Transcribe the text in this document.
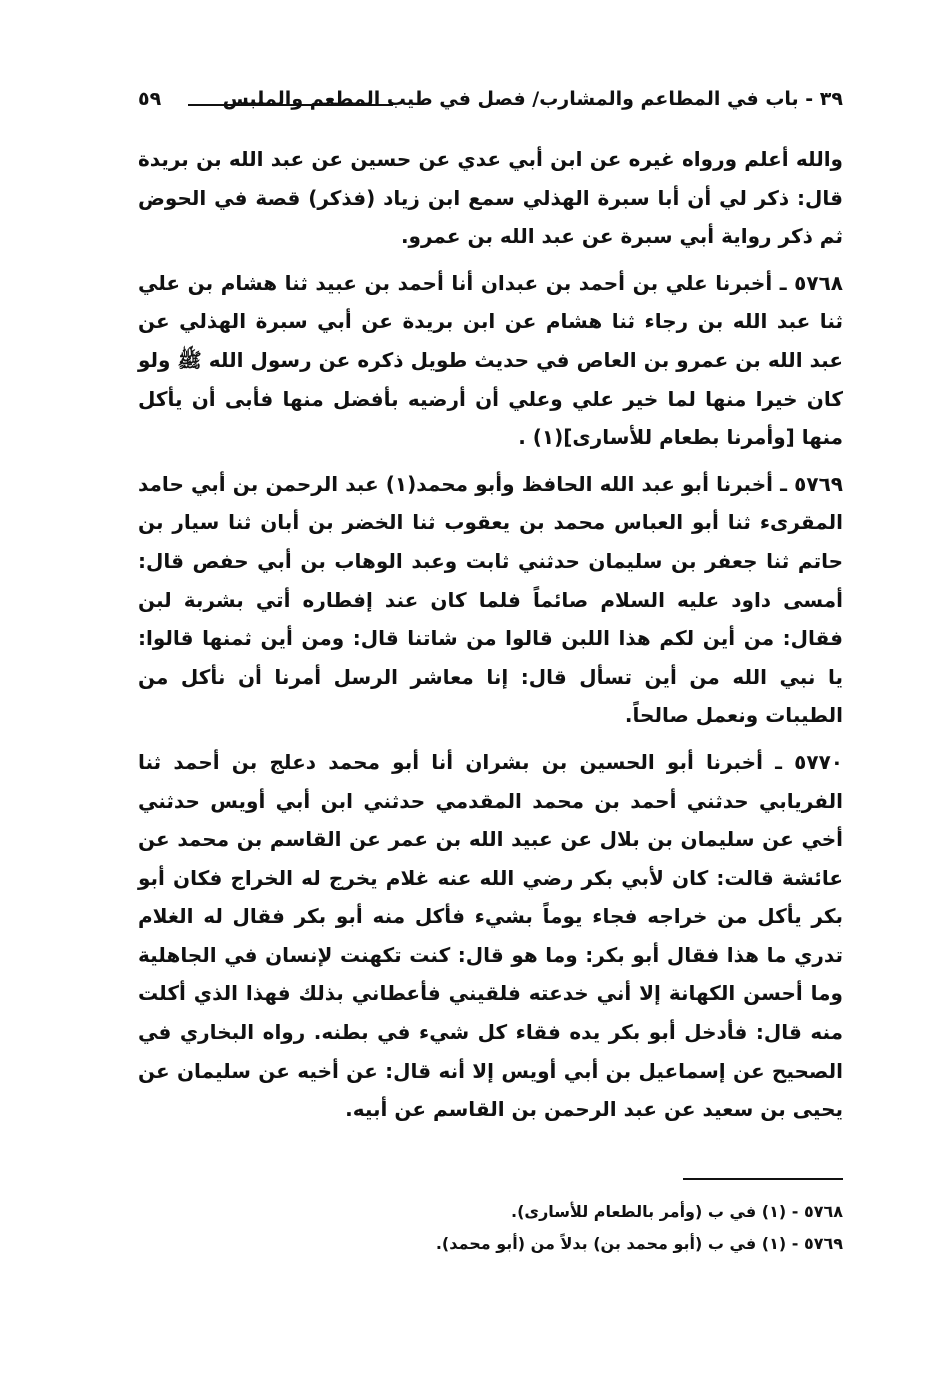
٣٩ - باب في المطاعم والمشارب/ فصل في طيب المطعم والملبس
٥٩

والله أعلم ورواه غيره عن ابن أبي عدي عن حسين عن عبد الله بن بريدة قال: ذكر لي أن أبا سبرة الهذلي سمع ابن زياد (فذكر) قصة في الحوض ثم ذكر رواية أبي سبرة عن عبد الله بن عمرو.

٥٧٦٨ ـ أخبرنا علي بن أحمد بن عبدان أنا أحمد بن عبيد ثنا هشام بن علي ثنا عبد الله بن رجاء ثنا هشام عن ابن بريدة عن أبي سبرة الهذلي عن عبد الله بن عمرو بن العاص في حديث طويل ذكره عن رسول الله ﷺ ولو كان خيرا منها لما خير علي وعلي أن أرضيه بأفضل منها فأبى أن يأكل منها [وأمرنا بطعام للأسارى](١) .

٥٧٦٩ ـ أخبرنا أبو عبد الله الحافظ وأبو محمد(١) عبد الرحمن بن أبي حامد المقرىء ثنا أبو العباس محمد بن يعقوب ثنا الخضر بن أبان ثنا سيار بن حاتم ثنا جعفر بن سليمان حدثني ثابت وعبد الوهاب بن أبي حفص قال: أمسى داود عليه السلام صائماً فلما كان عند إفطاره أتي بشربة لبن فقال: من أين لكم هذا اللبن قالوا من شاتنا قال: ومن أين ثمنها قالوا: يا نبي الله من أين تسأل قال: إنا معاشر الرسل أمرنا أن نأكل من الطيبات ونعمل صالحاً.

٥٧٧٠ ـ أخبرنا أبو الحسين بن بشران أنا أبو محمد دعلج بن أحمد ثنا الفريابي حدثني أحمد بن محمد المقدمي حدثني ابن أبي أويس حدثني أخي عن سليمان بن بلال عن عبيد الله بن عمر عن القاسم بن محمد عن عائشة قالت: كان لأبي بكر رضي الله عنه غلام يخرج له الخراج فكان أبو بكر يأكل من خراجه فجاء يوماً بشيء فأكل منه أبو بكر فقال له الغلام تدري ما هذا فقال أبو بكر: وما هو قال: كنت تكهنت لإنسان في الجاهلية وما أحسن الكهانة إلا أني خدعته فلقيني فأعطاني بذلك فهذا الذي أكلت منه قال: فأدخل أبو بكر يده فقاء كل شيء في بطنه. رواه البخاري في الصحيح عن إسماعيل بن أبي أويس إلا أنه قال: عن أخيه عن سليمان عن يحيى بن سعيد عن عبد الرحمن بن القاسم عن أبيه.

٥٧٦٨ - (١) في ب (وأمر بالطعام للأسارى).

٥٧٦٩ - (١) في ب (أبو محمد بن) بدلاً من (أبو محمد).
